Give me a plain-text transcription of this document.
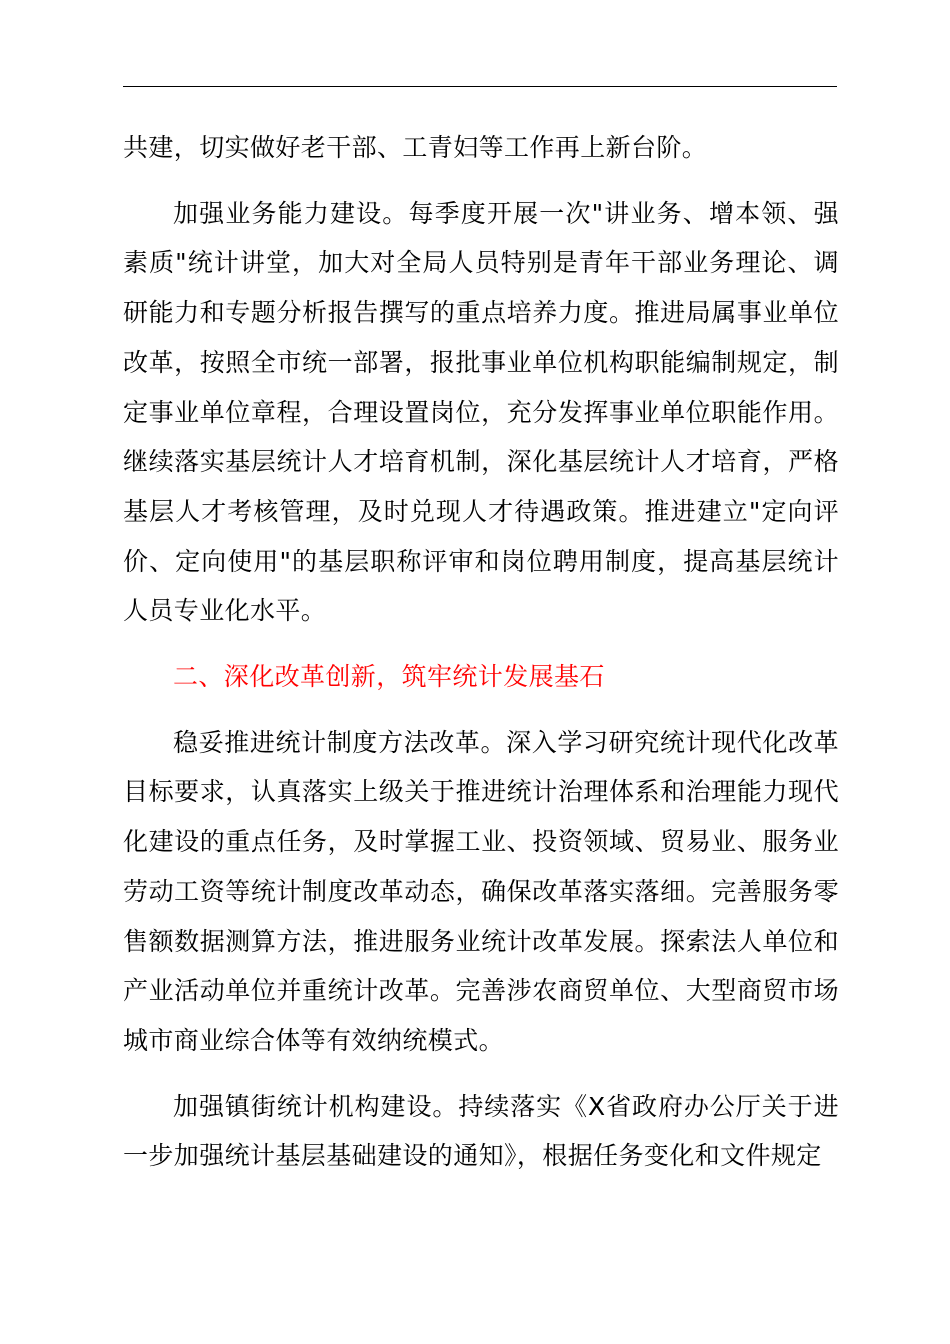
共建，切实做好老干部、工青妇等工作再上新台阶。

加强业务能力建设。每季度开展一次"讲业务、增本领、强素质"统计讲堂，加大对全局人员特别是青年干部业务理论、调研能力和专题分析报告撰写的重点培养力度。推进局属事业单位改革，按照全市统一部署，报批事业单位机构职能编制规定，制定事业单位章程，合理设置岗位，充分发挥事业单位职能作用。继续落实基层统计人才培育机制，深化基层统计人才培育，严格基层人才考核管理，及时兑现人才待遇政策。推进建立"定向评价、定向使用"的基层职称评审和岗位聘用制度，提高基层统计人员专业化水平。

二、深化改革创新，筑牢统计发展基石

稳妥推进统计制度方法改革。深入学习研究统计现代化改革目标要求，认真落实上级关于推进统计治理体系和治理能力现代化建设的重点任务，及时掌握工业、投资领域、贸易业、服务业劳动工资等统计制度改革动态，确保改革落实落细。完善服务零售额数据测算方法，推进服务业统计改革发展。探索法人单位和产业活动单位并重统计改革。完善涉农商贸单位、大型商贸市场城市商业综合体等有效纳统模式。

加强镇街统计机构建设。持续落实《X省政府办公厅关于进一步加强统计基层基础建设的通知》，根据任务变化和文件规定
